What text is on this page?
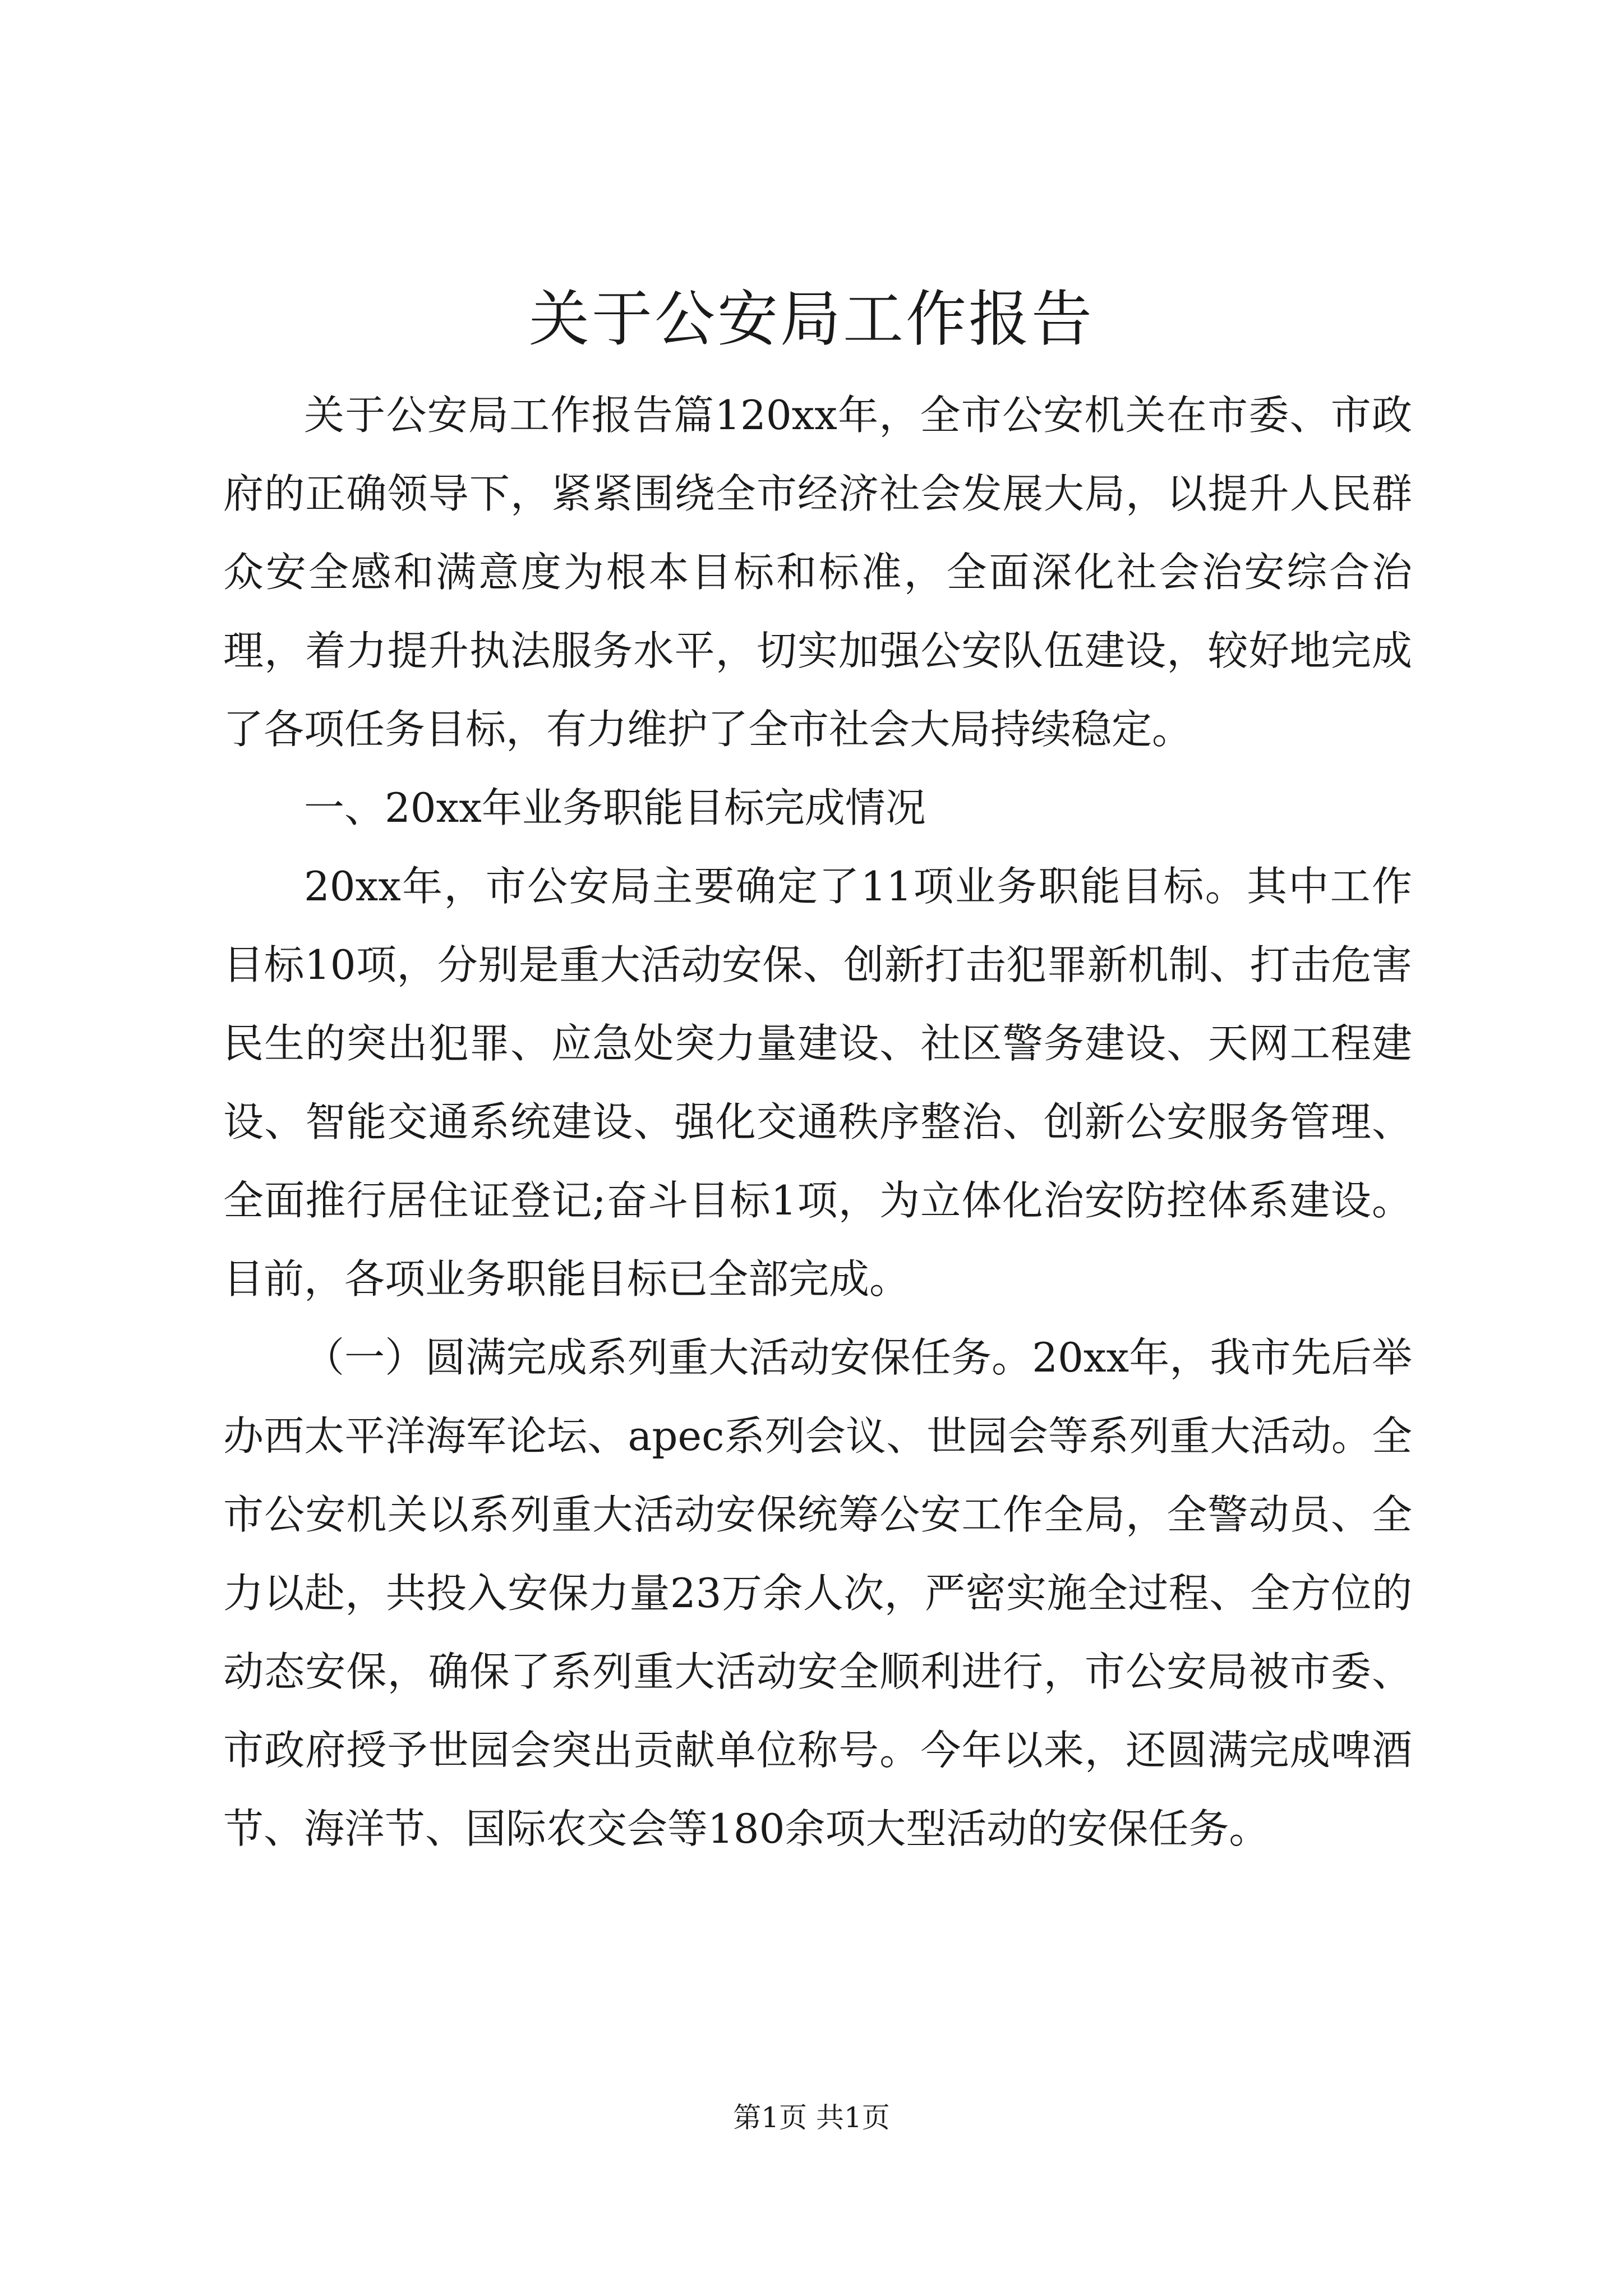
关于公安局工作报告

关于公安局工作报告篇120xx年，全市公安机关在市委、市政府的正确领导下，紧紧围绕全市经济社会发展大局，以提升人民群众安全感和满意度为根本目标和标准，全面深化社会治安综合治理，着力提升执法服务水平，切实加强公安队伍建设，较好地完成了各项任务目标，有力维护了全市社会大局持续稳定。

一、20xx年业务职能目标完成情况

20xx年，市公安局主要确定了11项业务职能目标。其中工作目标10项，分别是重大活动安保、创新打击犯罪新机制、打击危害民生的突出犯罪、应急处突力量建设、社区警务建设、天网工程建设、智能交通系统建设、强化交通秩序整治、创新公安服务管理、全面推行居住证登记;奋斗目标1项，为立体化治安防控体系建设。目前，各项业务职能目标已全部完成。

（一）圆满完成系列重大活动安保任务。20xx年，我市先后举办西太平洋海军论坛、apec系列会议、世园会等系列重大活动。全市公安机关以系列重大活动安保统筹公安工作全局，全警动员、全力以赴，共投入安保力量23万余人次，严密实施全过程、全方位的动态安保，确保了系列重大活动安全顺利进行，市公安局被市委、市政府授予世园会突出贡献单位称号。今年以来，还圆满完成啤酒节、海洋节、国际农交会等180余项大型活动的安保任务。

第1页 共1页
